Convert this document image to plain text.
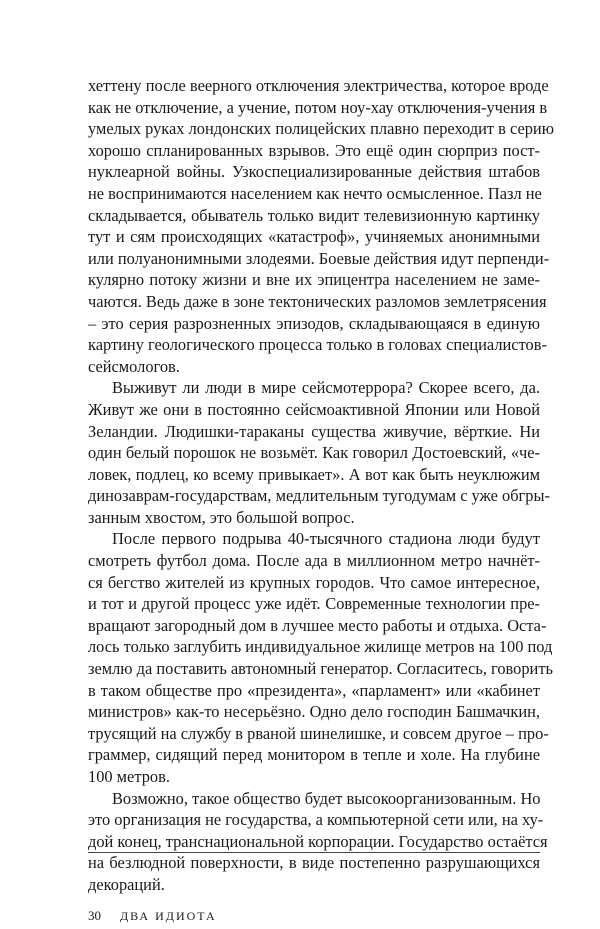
хеттену после веерного отключения электричества, которое вроде
как не отключение, а учение, потом ноу-хау отключения-учения в
умелых руках лондонских полицейских плавно переходит в серию
хорошо спланированных взрывов. Это ещё один сюрприз пост-
нуклеарной войны. Узкоспециализированные действия штабов
не воспринимаются населением как нечто осмысленное. Пазл не
складывается, обыватель только видит телевизионную картинку
тут и сям происходящих «катастроф», учиняемых анонимными
или полуанонимными злодеями. Боевые действия идут перпенди-
кулярно потоку жизни и вне их эпицентра населением не заме-
чаются. Ведь даже в зоне тектонических разломов землетрясения
– это серия разрозненных эпизодов, складывающаяся в единую
картину геологического процесса только в головах специалистов-
сейсмологов.
Выживут ли люди в мире сейсмотеррора? Скорее всего, да.
Живут же они в постоянно сейсмоактивной Японии или Новой
Зеландии. Людишки-тараканы существа живучие, вёрткие. Ни
один белый порошок не возьмёт. Как говорил Достоевский, «че-
ловек, подлец, ко всему привыкает». А вот как быть неуклюжим
динозаврам-государствам, медлительным тугодумам с уже обгры-
занным хвостом, это большой вопрос.
После первого подрыва 40-тысячного стадиона люди будут
смотреть футбол дома. После ада в миллионном метро начнёт-
ся бегство жителей из крупных городов. Что самое интересное,
и тот и другой процесс уже идёт. Современные технологии пре-
вращают загородный дом в лучшее место работы и отдыха. Оста-
лось только заглубить индивидуальное жилище метров на 100 под
землю да поставить автономный генератор. Согласитесь, говорить
в таком обществе про «президента», «парламент» или «кабинет
министров» как-то несерьёзно. Одно дело господин Башмачкин,
трусящий на службу в рваной шинелишке, и совсем другое – про-
граммер, сидящий перед монитором в тепле и холе. На глубине
100 метров.
Возможно, такое общество будет высокоорганизованным. Но
это организация не государства, а компьютерной сети или, на ху-
дой конец, транснациональной корпорации. Государство остаётся
на безлюдной поверхности, в виде постепенно разрушающихся
декораций.
30 ДВА ИДИОТА
